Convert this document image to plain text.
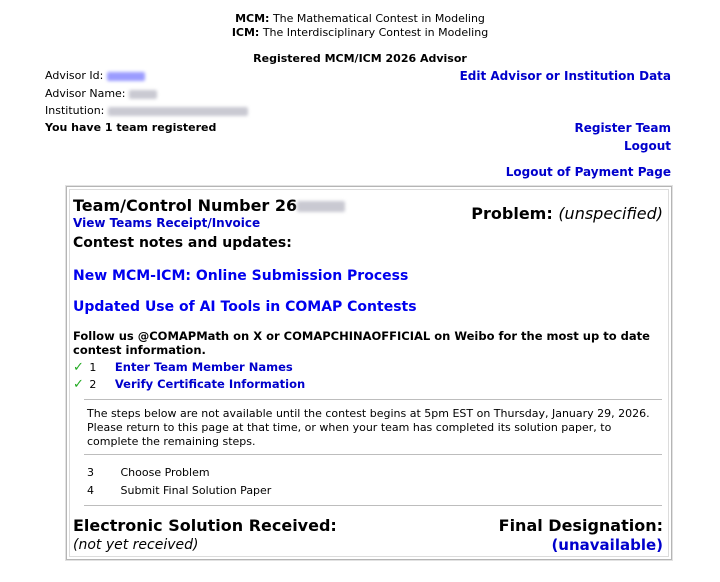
MCM: The Mathematical Contest in Modeling
ICM: The Interdisciplinary Contest in Modeling
Registered MCM/ICM 2026 Advisor
Advisor Id:
Advisor Name:
Institution:
You have 1 team registered
Edit Advisor or Institution Data
Register Team
Logout
Logout of Payment Page
Team/Control Number 26
View Teams Receipt/Invoice	Problem: (unspecified)
Contest notes and updates:
New MCM-ICM: Online Submission Process
Updated Use of AI Tools in COMAP Contests
Follow us @COMAPMath on X or COMAPCHINAOFFICIAL on Weibo for the most up to date contest information.
✓ 1 Enter Team Member Names
✓ 2 Verify Certificate Information
The steps below are not available until the contest begins at 5pm EST on Thursday, January 29, 2026. Please return to this page at that time, or when your team has completed its solution paper, to complete the remaining steps.
3 Choose Problem
4 Submit Final Solution Paper
Electronic Solution Received:
(not yet received)
Final Designation:
(unavailable)
